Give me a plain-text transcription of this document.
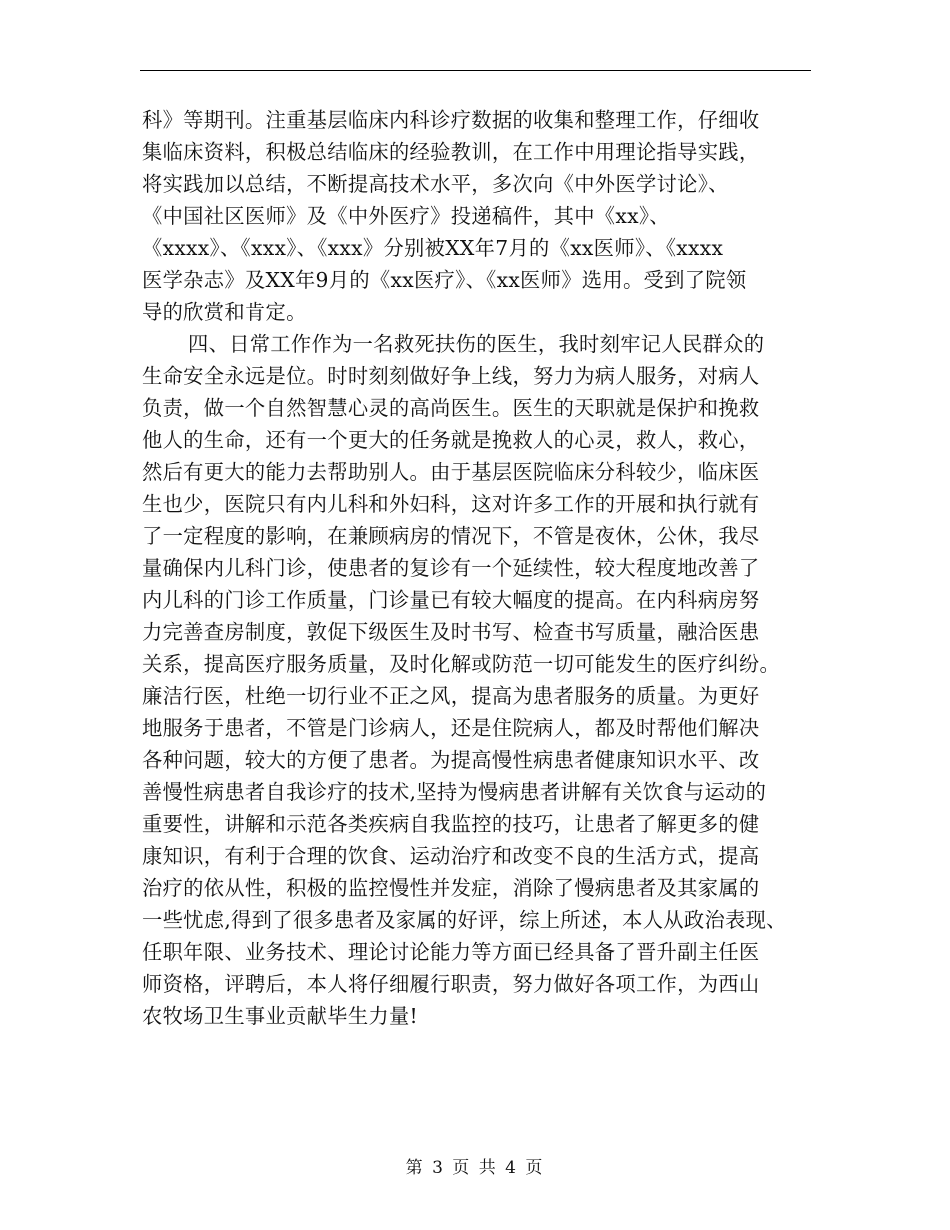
科》等期刊。注重基层临床内科诊疗数据的收集和整理工作，仔细收
集临床资料，积极总结临床的经验教训，在工作中用理论指导实践，
将实践加以总结，不断提高技术水平，多次向《中外医学讨论》、
《中国社区医师》及《中外医疗》投递稿件，其中《xx》、
《xxxx》、《xxx》、《xxx》分别被XX年7月的《xx医师》、《xxxx
医学杂志》及XX年9月的《xx医疗》、《xx医师》选用。受到了院领
导的欣赏和肯定。
四、日常工作作为一名救死扶伤的医生，我时刻牢记人民群众的
生命安全永远是位。时时刻刻做好争上线，努力为病人服务，对病人
负责，做一个自然智慧心灵的高尚医生。医生的天职就是保护和挽救
他人的生命，还有一个更大的任务就是挽救人的心灵，救人，救心，
然后有更大的能力去帮助别人。由于基层医院临床分科较少，临床医
生也少，医院只有内儿科和外妇科，这对许多工作的开展和执行就有
了一定程度的影响，在兼顾病房的情况下，不管是夜休，公休，我尽
量确保内儿科门诊，使患者的复诊有一个延续性，较大程度地改善了
内儿科的门诊工作质量，门诊量已有较大幅度的提高。在内科病房努
力完善查房制度，敦促下级医生及时书写、检查书写质量，融洽医患
关系，提高医疗服务质量，及时化解或防范一切可能发生的医疗纠纷。
廉洁行医，杜绝一切行业不正之风，提高为患者服务的质量。为更好
地服务于患者，不管是门诊病人，还是住院病人，都及时帮他们解决
各种问题，较大的方便了患者。为提高慢性病患者健康知识水平、改
善慢性病患者自我诊疗的技术,坚持为慢病患者讲解有关饮食与运动的
重要性，讲解和示范各类疾病自我监控的技巧，让患者了解更多的健
康知识，有利于合理的饮食、运动治疗和改变不良的生活方式，提高
治疗的依从性，积极的监控慢性并发症，消除了慢病患者及其家属的
一些忧虑,得到了很多患者及家属的好评，综上所述，本人从政治表现、
任职年限、业务技术、理论讨论能力等方面已经具备了晋升副主任医
师资格，评聘后，本人将仔细履行职责，努力做好各项工作，为西山
农牧场卫生事业贡献毕生力量!
第 3 页 共 4 页
